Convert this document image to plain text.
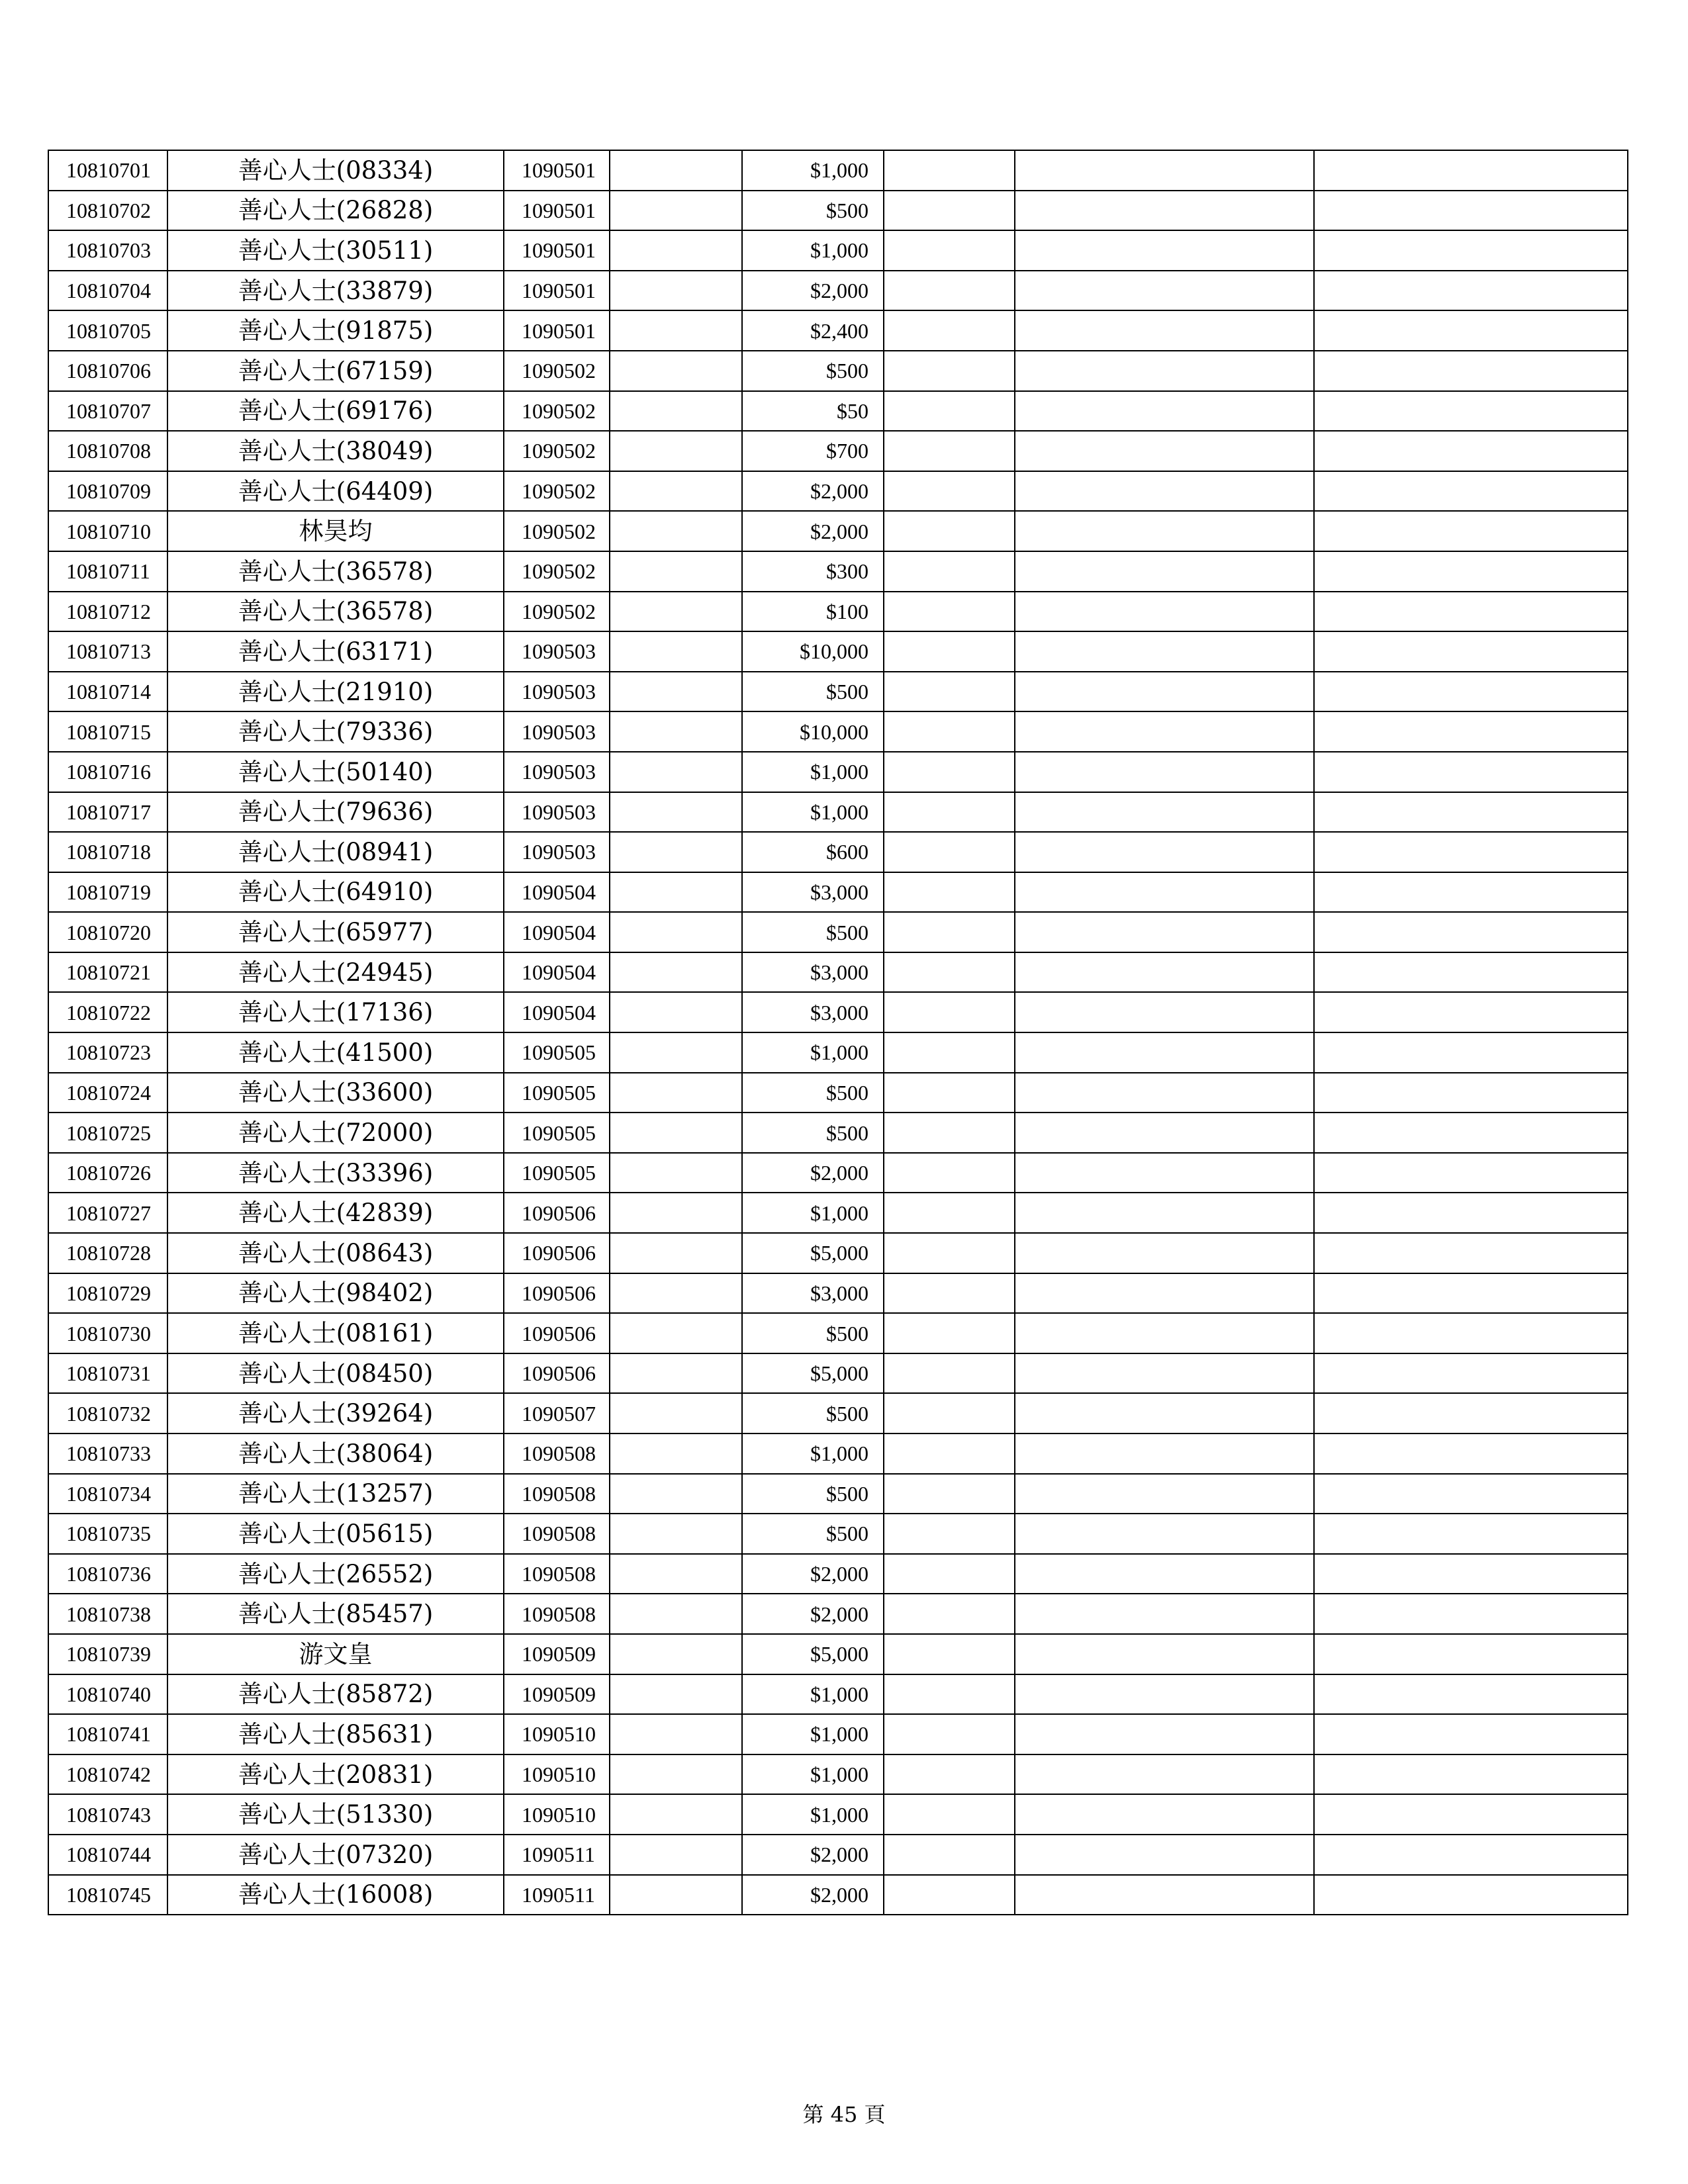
10810701	善心人士(08334)	1090501		$1,000			
10810702	善心人士(26828)	1090501		$500			
10810703	善心人士(30511)	1090501		$1,000			
10810704	善心人士(33879)	1090501		$2,000			
10810705	善心人士(91875)	1090501		$2,400			
10810706	善心人士(67159)	1090502		$500			
10810707	善心人士(69176)	1090502		$50			
10810708	善心人士(38049)	1090502		$700			
10810709	善心人士(64409)	1090502		$2,000			
10810710	林昊均	1090502		$2,000			
10810711	善心人士(36578)	1090502		$300			
10810712	善心人士(36578)	1090502		$100			
10810713	善心人士(63171)	1090503		$10,000			
10810714	善心人士(21910)	1090503		$500			
10810715	善心人士(79336)	1090503		$10,000			
10810716	善心人士(50140)	1090503		$1,000			
10810717	善心人士(79636)	1090503		$1,000			
10810718	善心人士(08941)	1090503		$600			
10810719	善心人士(64910)	1090504		$3,000			
10810720	善心人士(65977)	1090504		$500			
10810721	善心人士(24945)	1090504		$3,000			
10810722	善心人士(17136)	1090504		$3,000			
10810723	善心人士(41500)	1090505		$1,000			
10810724	善心人士(33600)	1090505		$500			
10810725	善心人士(72000)	1090505		$500			
10810726	善心人士(33396)	1090505		$2,000			
10810727	善心人士(42839)	1090506		$1,000			
10810728	善心人士(08643)	1090506		$5,000			
10810729	善心人士(98402)	1090506		$3,000			
10810730	善心人士(08161)	1090506		$500			
10810731	善心人士(08450)	1090506		$5,000			
10810732	善心人士(39264)	1090507		$500			
10810733	善心人士(38064)	1090508		$1,000			
10810734	善心人士(13257)	1090508		$500			
10810735	善心人士(05615)	1090508		$500			
10810736	善心人士(26552)	1090508		$2,000			
10810738	善心人士(85457)	1090508		$2,000			
10810739	游文皇	1090509		$5,000			
10810740	善心人士(85872)	1090509		$1,000			
10810741	善心人士(85631)	1090510		$1,000			
10810742	善心人士(20831)	1090510		$1,000			
10810743	善心人士(51330)	1090510		$1,000			
10810744	善心人士(07320)	1090511		$2,000			
10810745	善心人士(16008)	1090511		$2,000			
第 45 頁
